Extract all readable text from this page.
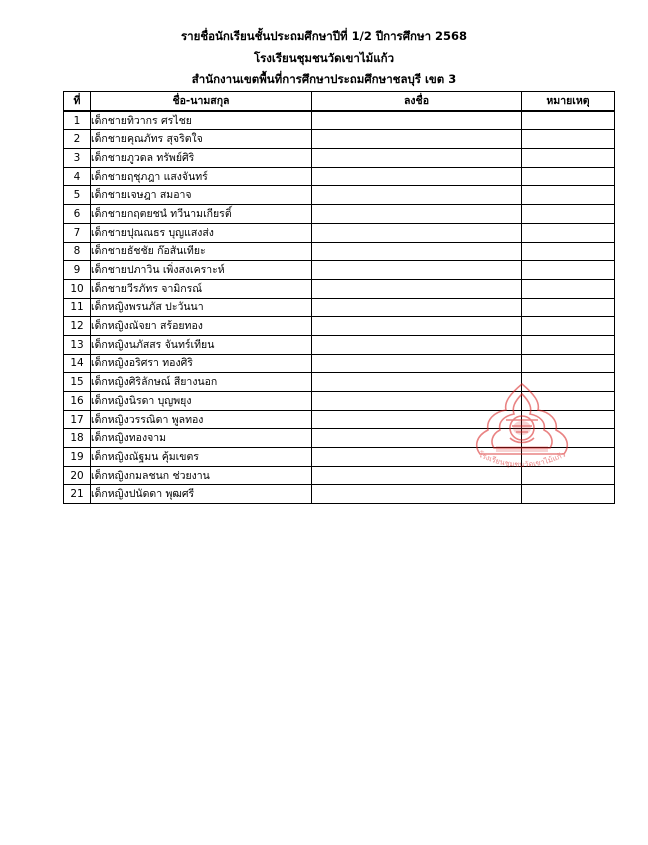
รายชื่อนักเรียนชั้นประถมศึกษาปีที่ 1/2 ปีการศึกษา 2568
โรงเรียนชุมชนวัดเขาไม้แก้ว
สำนักงานเขตพื้นที่การศึกษาประถมศึกษาชลบุรี เขต 3
ที่	ชื่อ-นามสกุล	ลงชื่อ	หมายเหตุ
1	เด็กชายทิวากร ศรไชย		
2	เด็กชายคุณภัทร สุจริตใจ		
3	เด็กชายภูวดล ทรัพย์ศิริ		
4	เด็กชายฤชุภฎา แสงจันทร์		
5	เด็กชายเจษฎา สมอาจ		
6	เด็กชายกฤตยชนํ ทวีนามเกียรติ์		
7	เด็กชายปุณณธร บุญแสงส่ง		
8	เด็กชายธัชชัย ก๊อสันเทียะ		
9	เด็กชายปภาวิน เพิ่งสงเคราะห์		
10	เด็กชายวีรภัทร จามิกรณ์		
11	เด็กหญิงพรนภัส ปะวันนา		
12	เด็กหญิงณัจยา สร้อยทอง		
13	เด็กหญิงนภัสสร จันทร์เทียน		
14	เด็กหญิงอริศรา ทองศิริ		
15	เด็กหญิงศิริลักษณ์ สียางนอก		
16	เด็กหญิงนิรดา บุญพยุง		
17	เด็กหญิงวรรณิดา พูลทอง		
18	เด็กหญิงทองจาม		
19	เด็กหญิงณัฐมน คุ้มเขตร		
20	เด็กหญิงกมลชนก ช่วยงาน		
21	เด็กหญิงปนัดดา พุฒศรี		
โรงเรียนชุมชนวัดเขาไม้แก้ว
